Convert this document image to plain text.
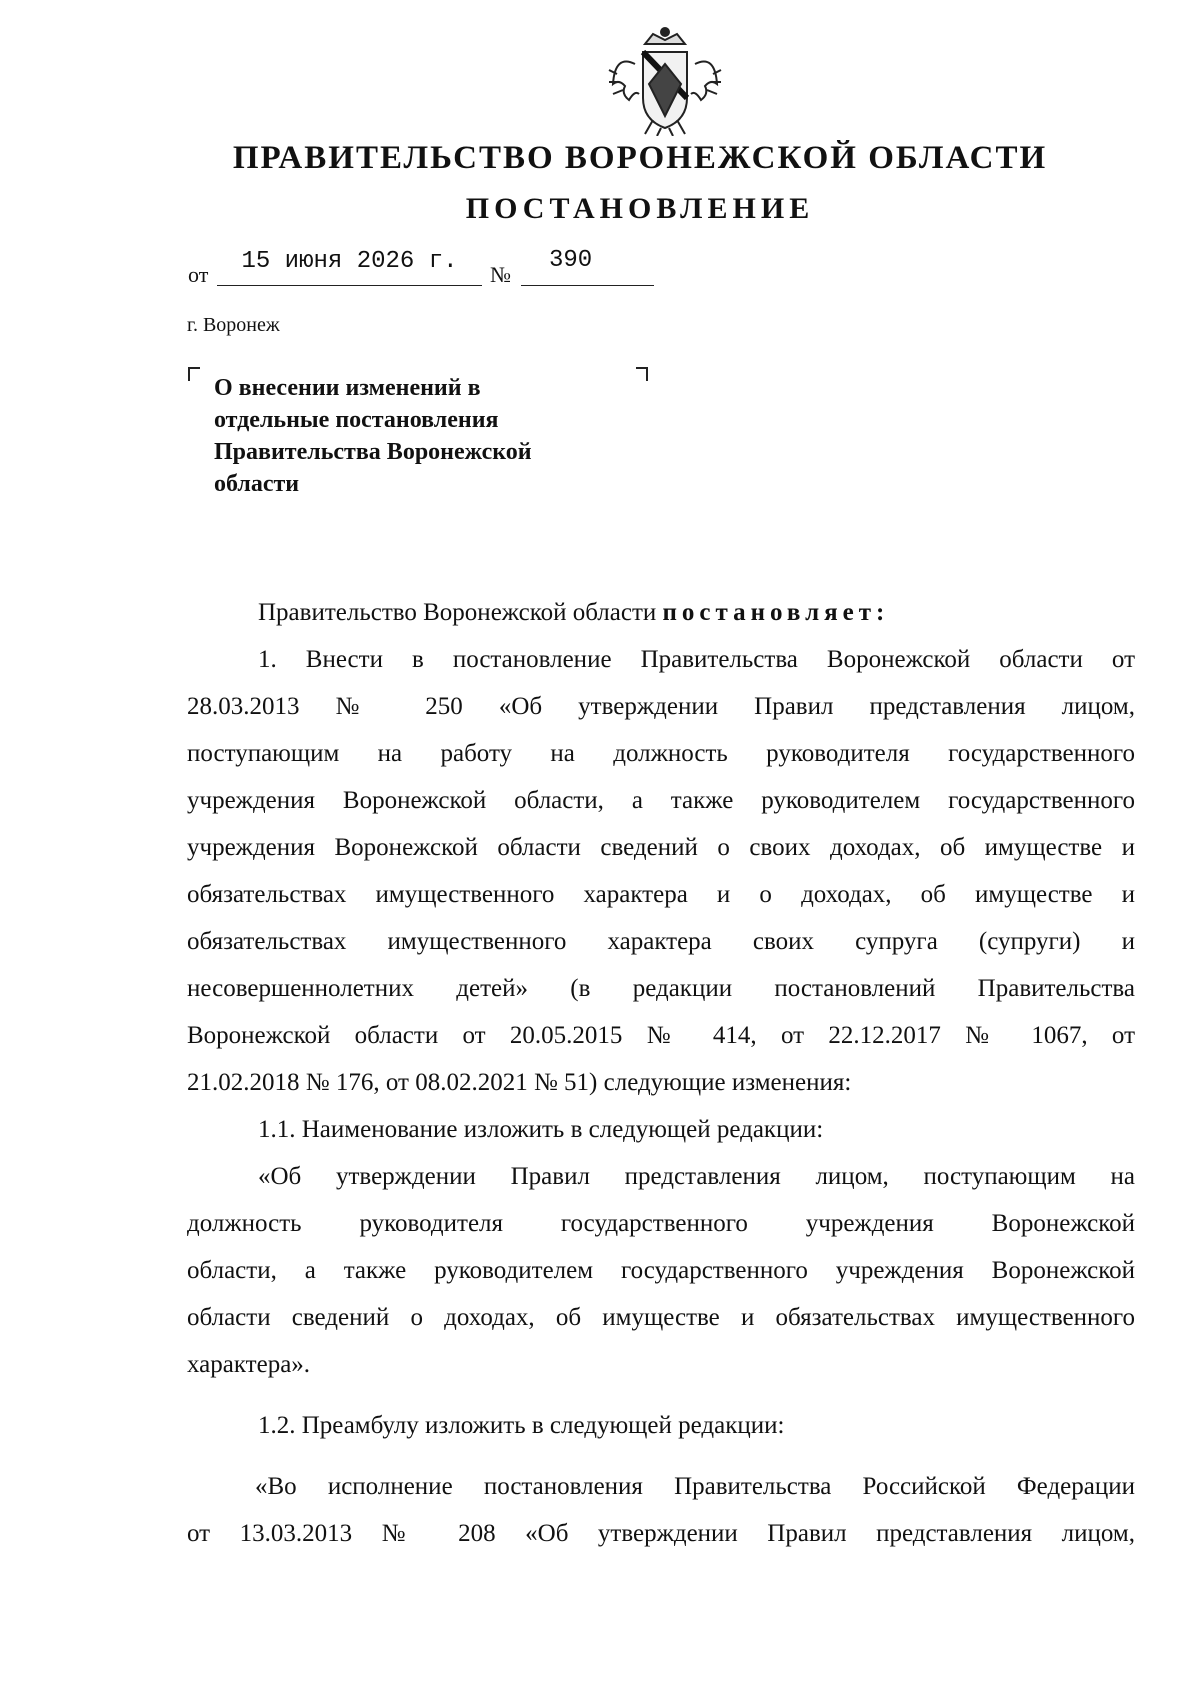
ПРАВИТЕЛЬСТВО ВОРОНЕЖСКОЙ ОБЛАСТИ
ПОСТАНОВЛЕНИЕ
от	15 июня 2026 г.	№
390
г. Воронеж
О внесении изменений в
отдельные постановления
Правительства Воронежской
области
Правительство Воронежской области постановляет:
1. Внести в постановление Правительства Воронежской области от
28.03.2013 № 250 «Об утверждении Правил представления лицом,
поступающим на работу на должность руководителя государственного
учреждения Воронежской области, а также руководителем государственного
учреждения Воронежской области сведений о своих доходах, об имуществе и
обязательствах имущественного характера и о доходах, об имуществе и
обязательствах имущественного характера своих супруга (супруги) и
несовершеннолетних детей» (в редакции постановлений Правительства
Воронежской области от 20.05.2015 № 414, от 22.12.2017 № 1067, от
21.02.2018 № 176, от 08.02.2021 № 51) следующие изменения:
1.1. Наименование изложить в следующей редакции:
«Об утверждении Правил представления лицом, поступающим на
должность руководителя государственного учреждения Воронежской
области, а также руководителем государственного учреждения Воронежской
области сведений о доходах, об имуществе и обязательствах имущественного
характера».
1.2. Преамбулу изложить в следующей редакции:
«Во исполнение постановления Правительства Российской Федерации
от 13.03.2013 № 208 «Об утверждении Правил представления лицом,
